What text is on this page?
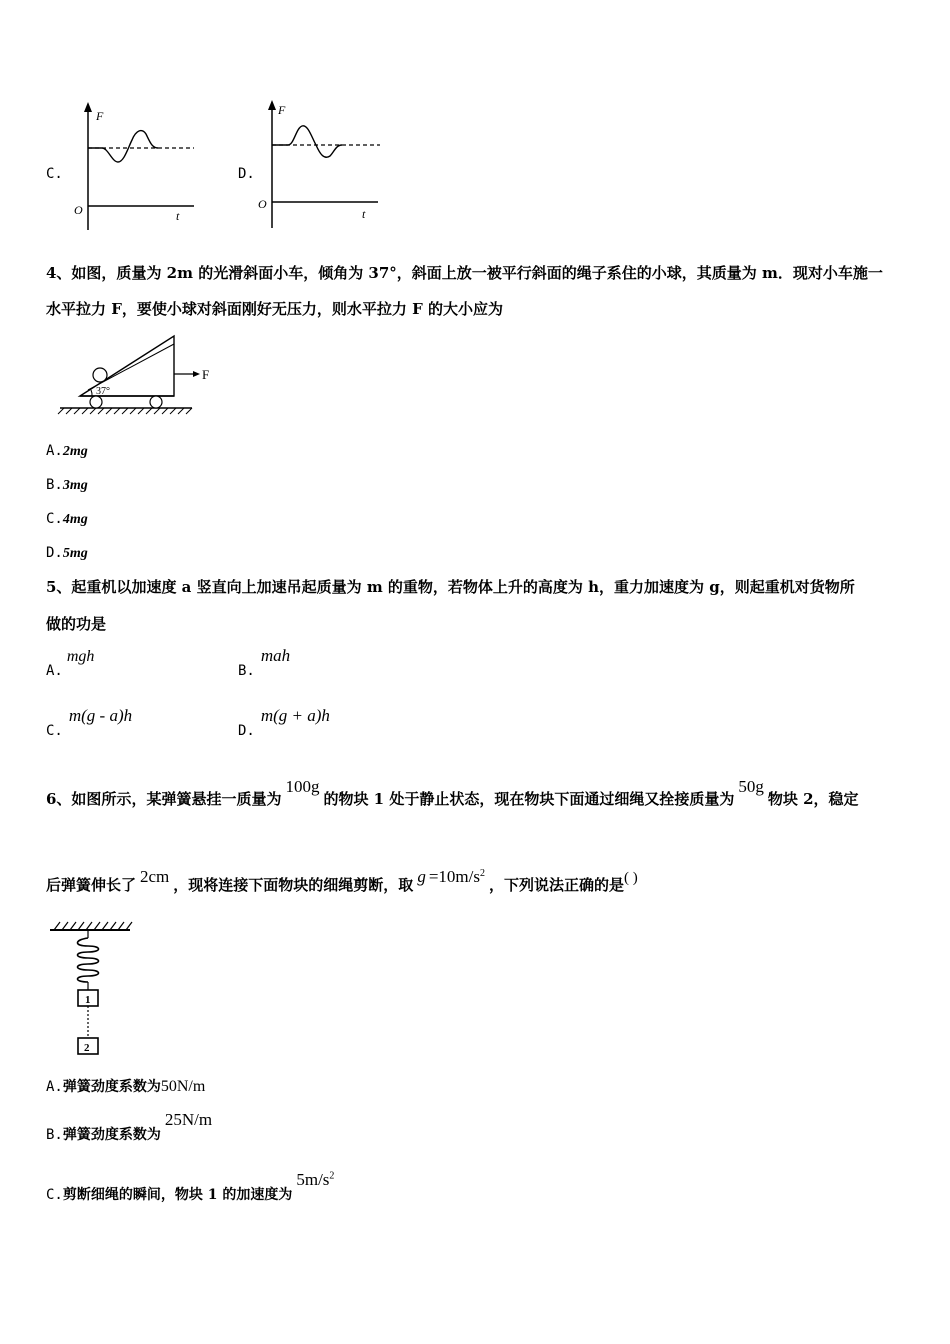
C.
F
O	t
D.
F
O
t
4、如图，质量为 2m 的光滑斜面小车，倾角为 37°，斜面上放一被平行斜面的绳子系住的小球，其质量为 m．现对小车施一
水平拉力 F，要使小球对斜面刚好无压力，则水平拉力 F 的大小应为
37°
F
A.2mg
B.3mg
C.4mg
D.5mg
5、起重机以加速度 a 竖直向上加速吊起质量为 m 的重物，若物体上升的高度为 h，重力加速度为 g，则起重机对货物所
做的功是
A.mgh
B.mah
C.m(g - a)h
D.m(g + a)h
6、如图所示，某弹簧悬挂一质量为100g的物块 1 处于静止状态，现在物块下面通过细绳又拴接质量为50g物块 2，稳定
后弹簧伸长了 2cm ，现将连接下面物块的细绳剪断，取 $g =10m/s^2$，下列说法正确的是( )
1
2
A.弹簧劲度系数为50N/m
B.弹簧劲度系数为25N/m
C.剪断细绳的瞬间，物块 1 的加速度为$5m/s^2$
